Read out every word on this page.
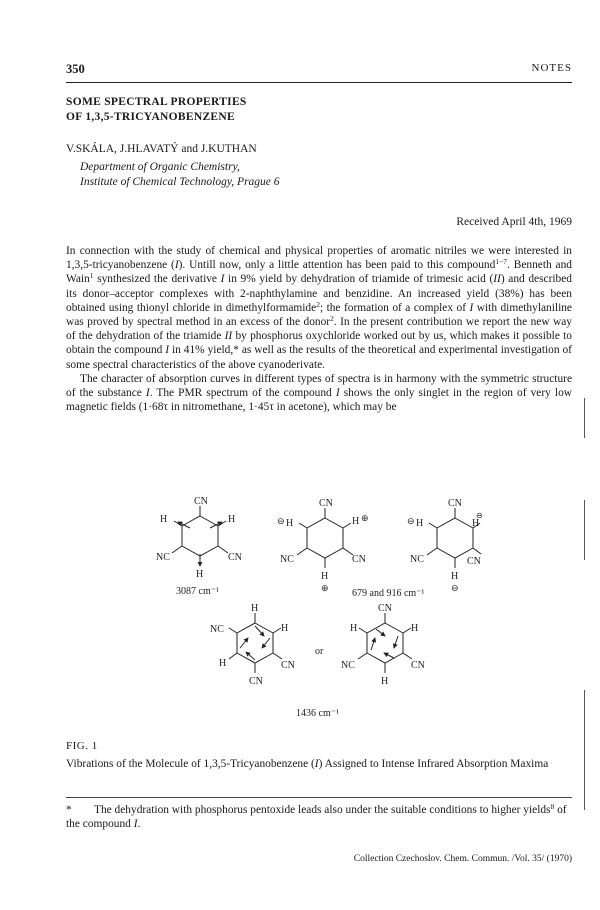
350	NOTES
SOME SPECTRAL PROPERTIES
OF 1,3,5-TRICYANOBENZENE
V.SKÁLA, J.HLAVATÝ and J.KUTHAN
Department of Organic Chemistry,
Institute of Chemical Technology, Prague 6
Received April 4th, 1969

In connection with the study of chemical and physical properties of aromatic nitriles we were interested in 1,3,5-tricyanobenzene (I). Untill now, only a little attention has been paid to this compound$^{1-7}$. Benneth and Wain$^1$ synthesized the derivative I in 9% yield by dehydration of triamide of trimesic acid (II) and described its donor–acceptor complexes with 2-naphthylamine and benzidine. An increased yield (38%) has been obtained using thionyl chloride in dimethylformamide$^2$; the formation of a complex of I with dimethylaniline was proved by spectral method in an excess of the donor$^2$. In the present contribution we report the new way of the dehydration of the triamide II by phosphorus oxychloride worked out by us, which makes it possible to obtain the compound I in 41% yield,* as well as the results of the theoretical and experimental investigation of some spectral characteristics of the above cyanoderivate.

The character of absorption curves in different types of spectra is in harmony with the symmetric structure of the substance I. The PMR spectrum of the compound I shows the only singlet in the region of very low magnetic fields (1·68τ in nitromethane, 1·45τ in acetone), which may be

CN
H	H
NC	CN
H
3087 cm⁻¹
CN
⊖ H	H ⊕
NC	CN
H
⊕
CN
⊖ H	H
⊖
NC	CN
H
⊖
679 and 916 cm⁻¹
H
NC	H
H	CN
CN
or
CN
H	H
NC	CN
H
1436 cm⁻¹
FIG. 1
Vibrations of the Molecule of 1,3,5-Tricyanobenzene (I) Assigned to Intense Infrared Absorption Maxima
* The dehydration with phosphorus pentoxide leads also under the suitable conditions to higher yields$^8$ of the compound I.
Collection Czechoslov. Chem. Commun. /Vol. 35/ (1970)
